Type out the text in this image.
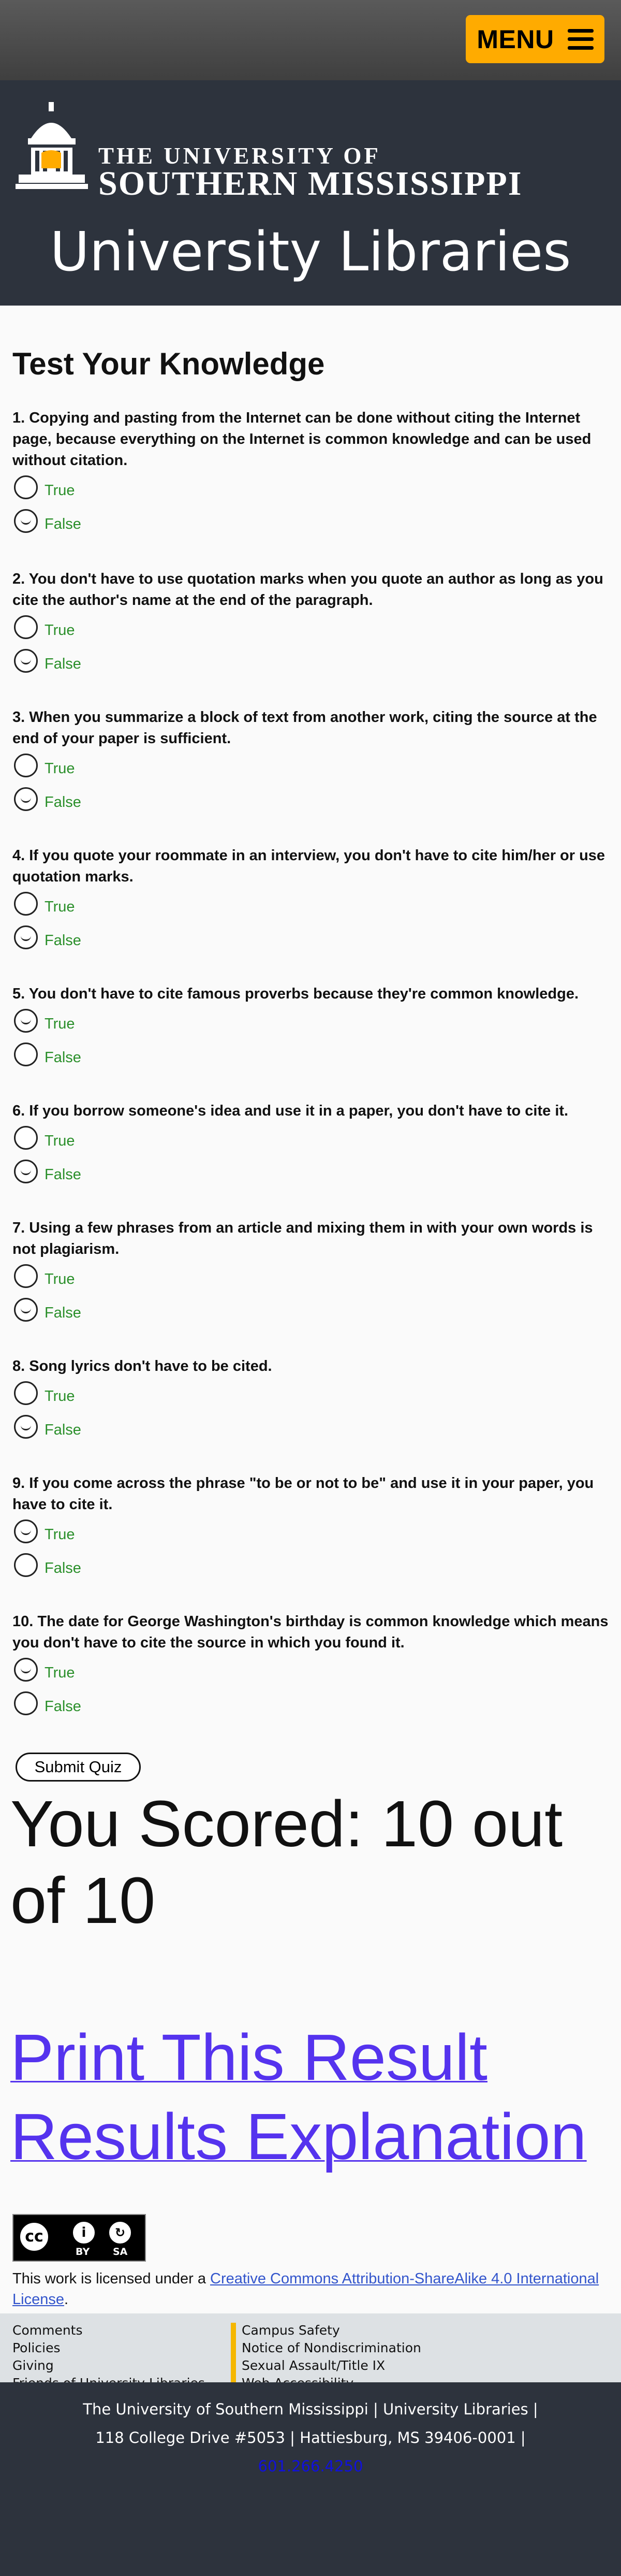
MENU
THE UNIVERSITY OF
SOUTHERN MISSISSIPPI
University Libraries
Test Your Knowledge

1. Copying and pasting from the Internet can be done without citing the Internet page, because everything on the Internet is common knowledge and can be used without citation.

True
False

2. You don't have to use quotation marks when you quote an author as long as you cite the author's name at the end of the paragraph.

True
False

3. When you summarize a block of text from another work, citing the source at the end of your paper is sufficient.

True
False

4. If you quote your roommate in an interview, you don't have to cite him/her or use quotation marks.

True
False

5. You don't have to cite famous proverbs because they're common knowledge.

True
False

6. If you borrow someone's idea and use it in a paper, you don't have to cite it.

True
False

7. Using a few phrases from an article and mixing them in with your own words is not plagiarism.

True
False

8. Song lyrics don't have to be cited.

True
False

9. If you come across the phrase "to be or not to be" and use it in your paper, you have to cite it.

True
False

10. The date for George Washington's birthday is common knowledge which means you don't have to cite the source in which you found it.

True
False
Submit Quiz
You Scored: 10 out of 10
Print This Result
Results Explanation
cc	i	↻
BY SA
This work is licensed under a Creative Commons Attribution-ShareAlike 4.0 International License.
Comments
Policies
Giving
Campus Safety
Notice of Nondiscrimination
Sexual Assault/Title IX
The University of Southern Mississippi | University Libraries |
118 College Drive #5053 | Hattiesburg, MS 39406-0001 |
601.266.4250
